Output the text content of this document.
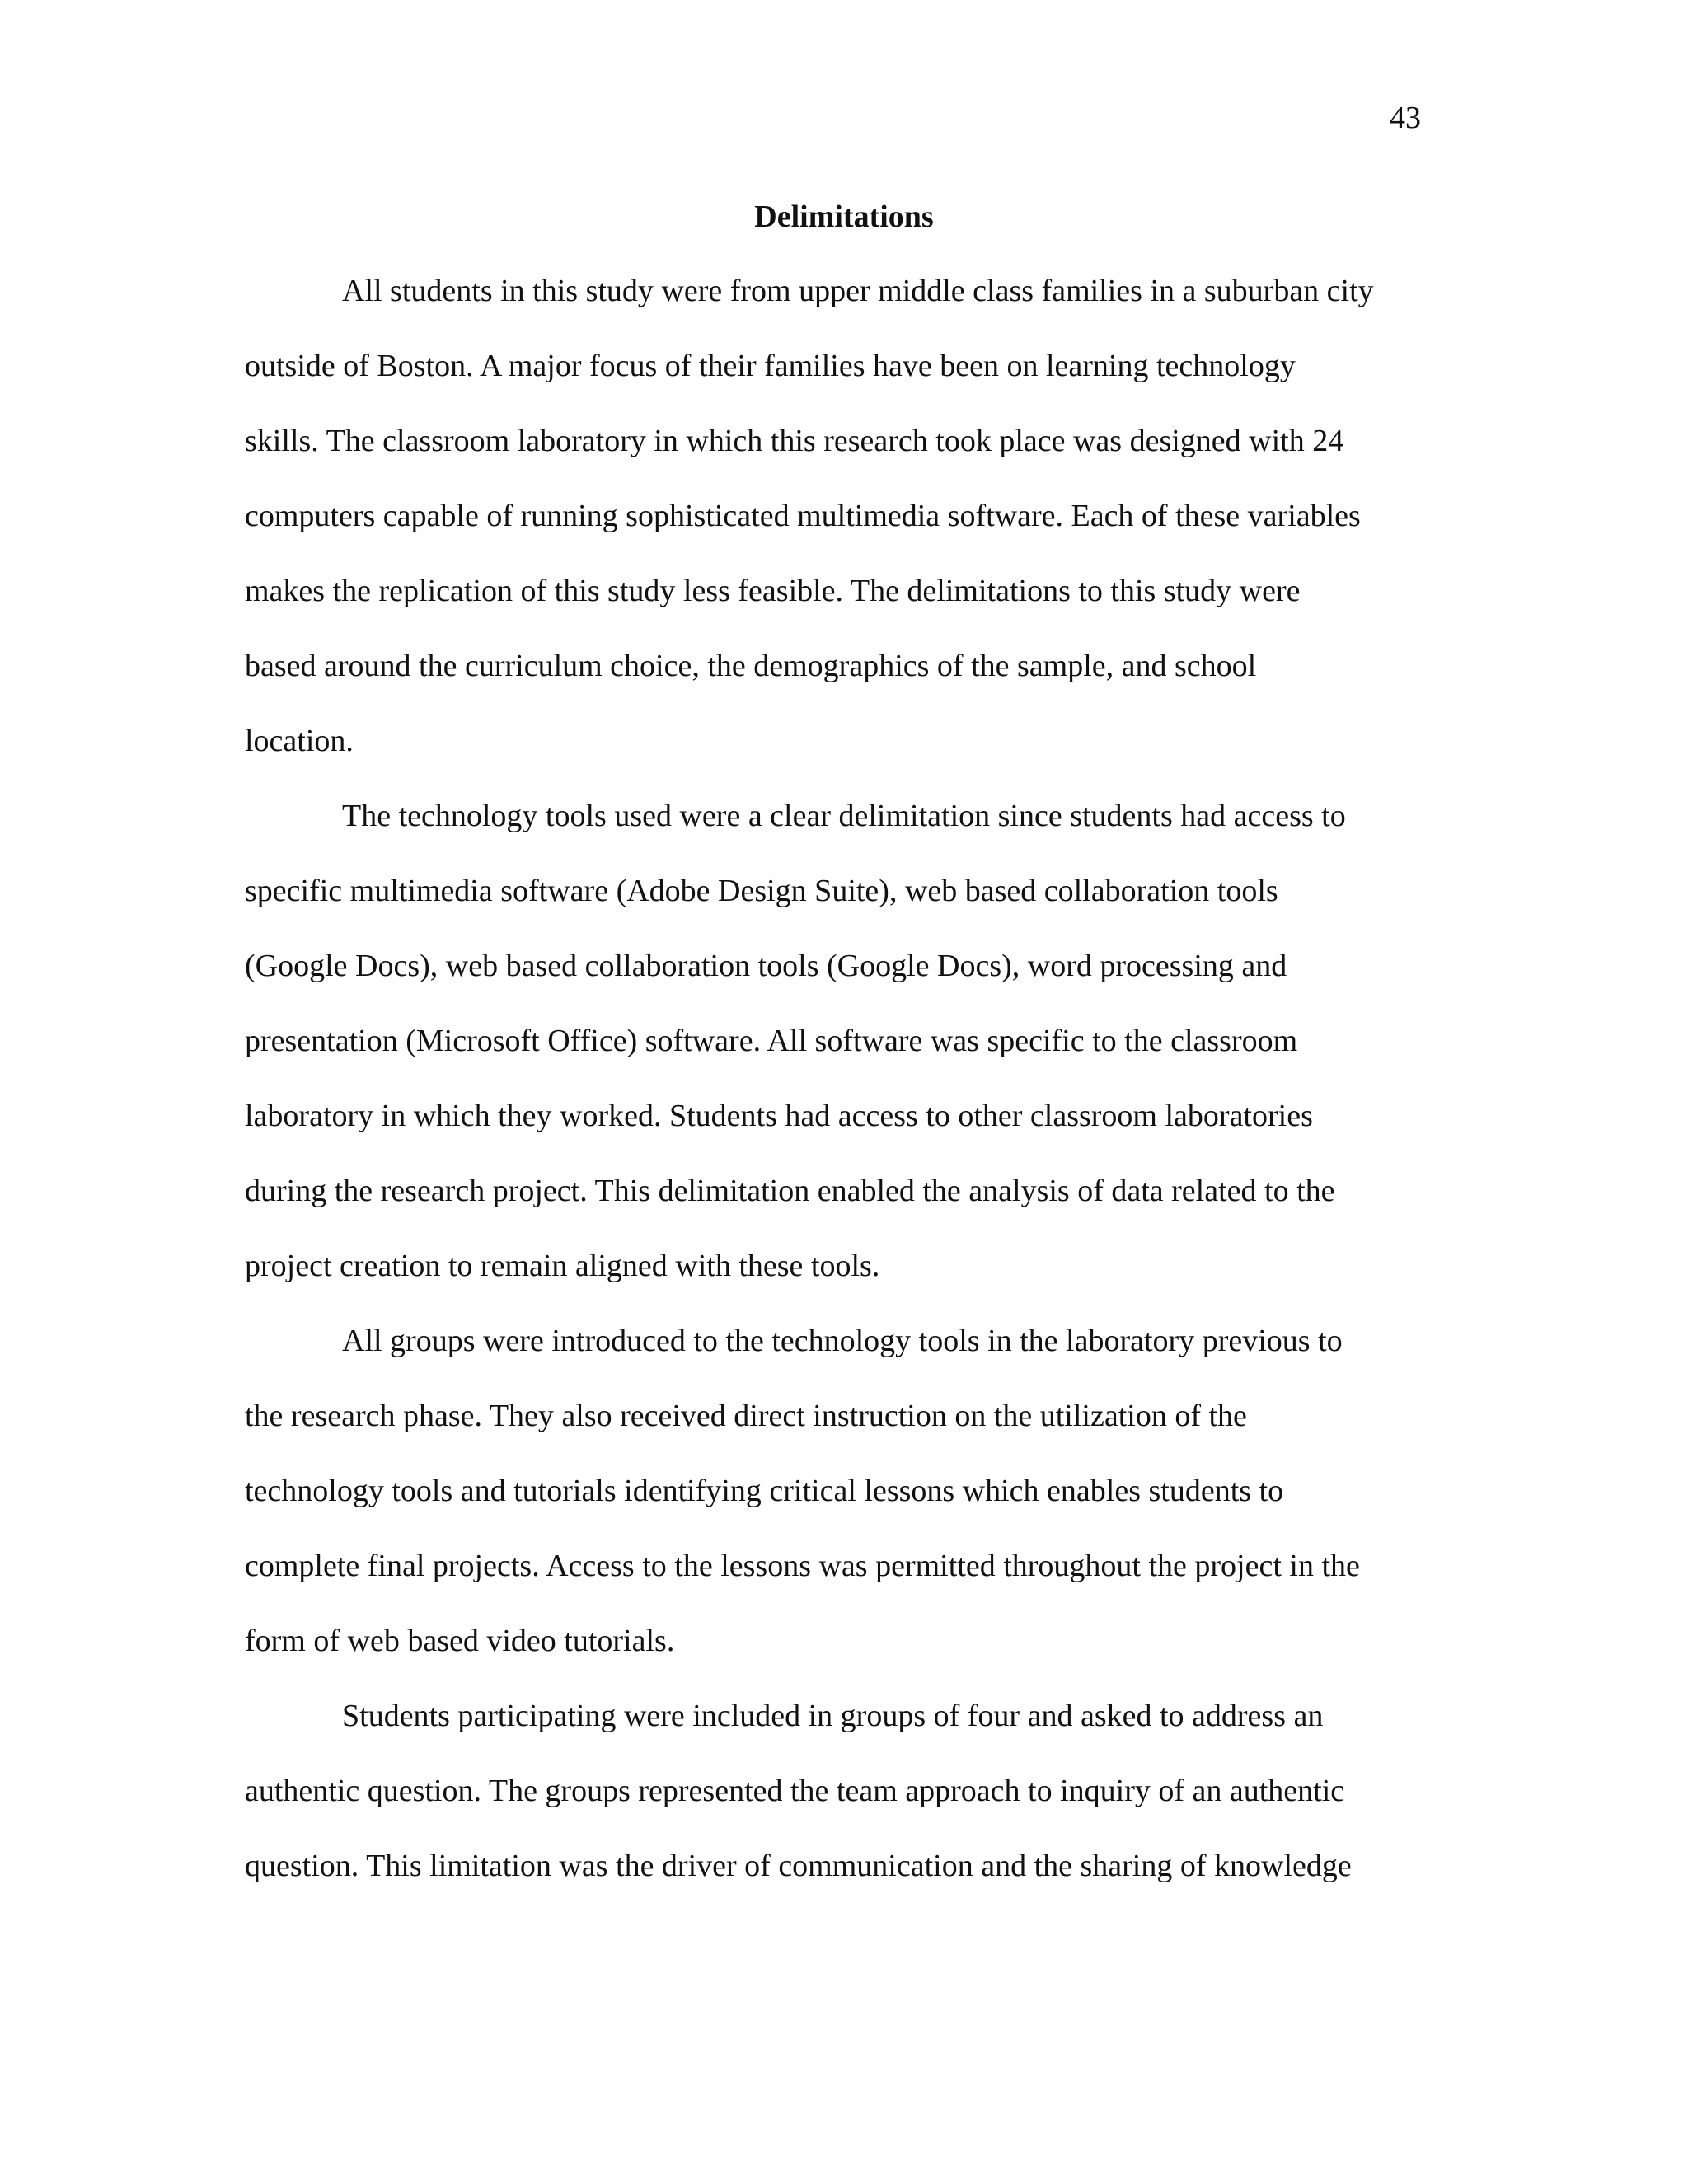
43
Delimitations
All students in this study were from upper middle class families in a suburban city
outside of Boston. A major focus of their families have been on learning technology
skills. The classroom laboratory in which this research took place was designed with 24
computers capable of running sophisticated multimedia software. Each of these variables
makes the replication of this study less feasible. The delimitations to this study were
based around the curriculum choice, the demographics of the sample, and school
location.
The technology tools used were a clear delimitation since students had access to
specific multimedia software (Adobe Design Suite), web based collaboration tools
(Google Docs), web based collaboration tools (Google Docs), word processing and
presentation (Microsoft Office) software. All software was specific to the classroom
laboratory in which they worked. Students had access to other classroom laboratories
during the research project. This delimitation enabled the analysis of data related to the
project creation to remain aligned with these tools.
All groups were introduced to the technology tools in the laboratory previous to
the research phase. They also received direct instruction on the utilization of the
technology tools and tutorials identifying critical lessons which enables students to
complete final projects. Access to the lessons was permitted throughout the project in the
form of web based video tutorials.
Students participating were included in groups of four and asked to address an
authentic question. The groups represented the team approach to inquiry of an authentic
question. This limitation was the driver of communication and the sharing of knowledge
